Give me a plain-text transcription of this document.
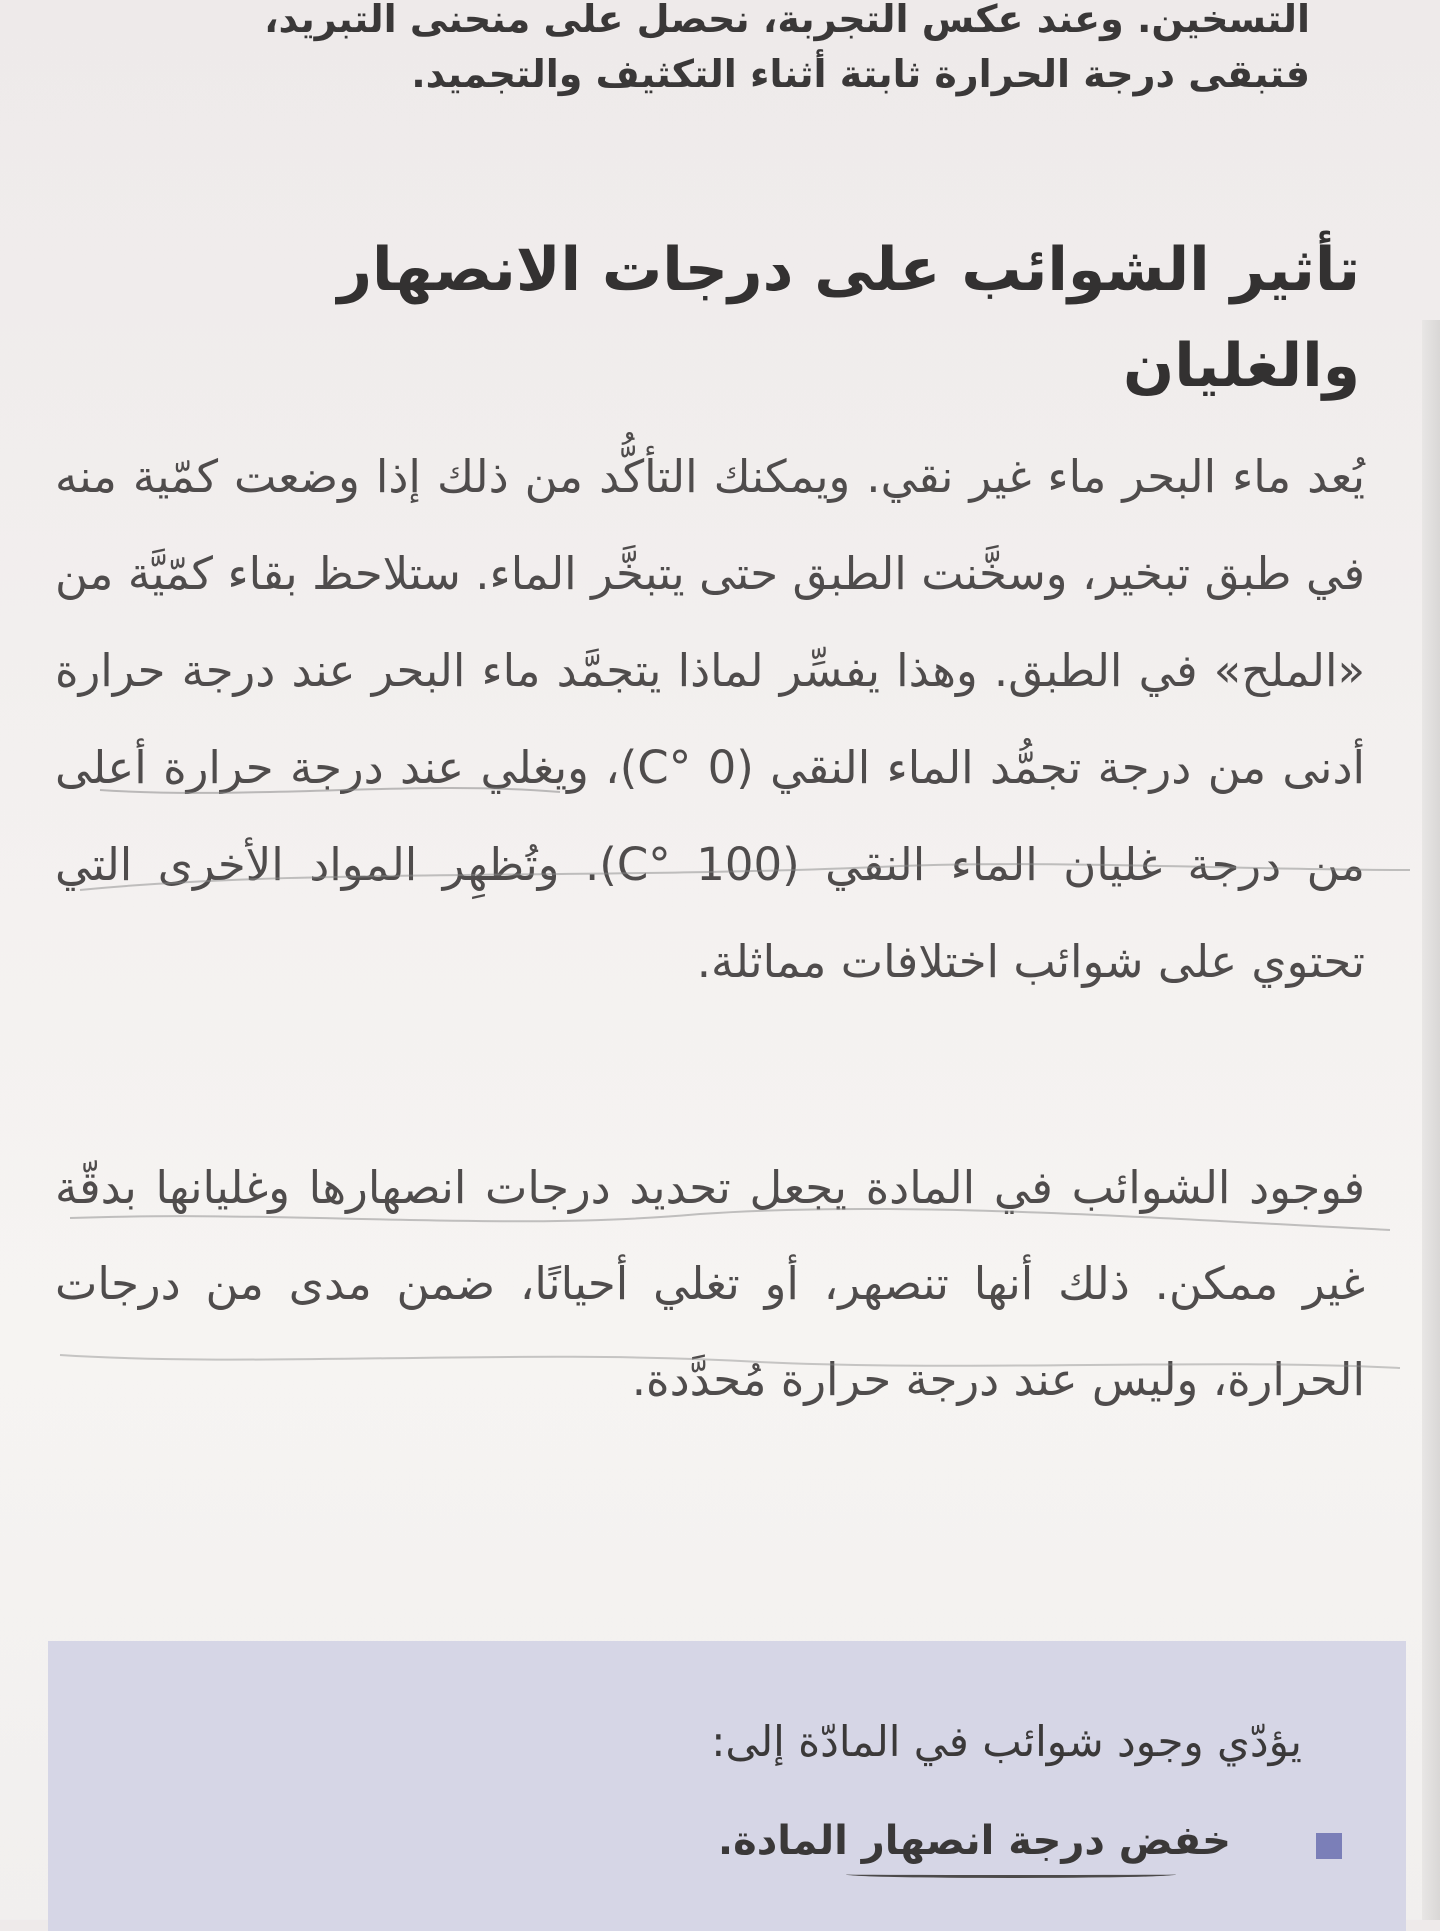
التسخين. وعند عكس التجربة، نحصل على منحنى التبريد،
فتبقى درجة الحرارة ثابتة أثناء التكثيف والتجميد.
تأثير الشوائب على درجات الانصهار
والغليان
يُعد ماء البحر ماء غير نقي. ويمكنك التأكُّد من ذلك إذا وضعت كمّية منه في طبق تبخير، وسخَّنت الطبق حتى يتبخَّر الماء. ستلاحظ بقاء كمّيَّة من «الملح» في الطبق. وهذا يفسِّر لماذا يتجمَّد ماء البحر عند درجة حرارة أدنى من درجة تجمُّد الماء النقي (0 °C)، ويغلي عند درجة حرارة أعلى من درجة غليان الماء النقي (100 °C). وتُظهِر المواد الأخرى التي تحتوي على شوائب اختلافات مماثلة.
فوجود الشوائب في المادة يجعل تحديد درجات انصهارها وغليانها بدقّة غير ممكن. ذلك أنها تنصهر، أو تغلي أحيانًا، ضمن مدى من درجات الحرارة، وليس عند درجة حرارة مُحدَّدة.
يؤدّي وجود شوائب في المادّة إلى:
خفض درجة انصهار المادة.
